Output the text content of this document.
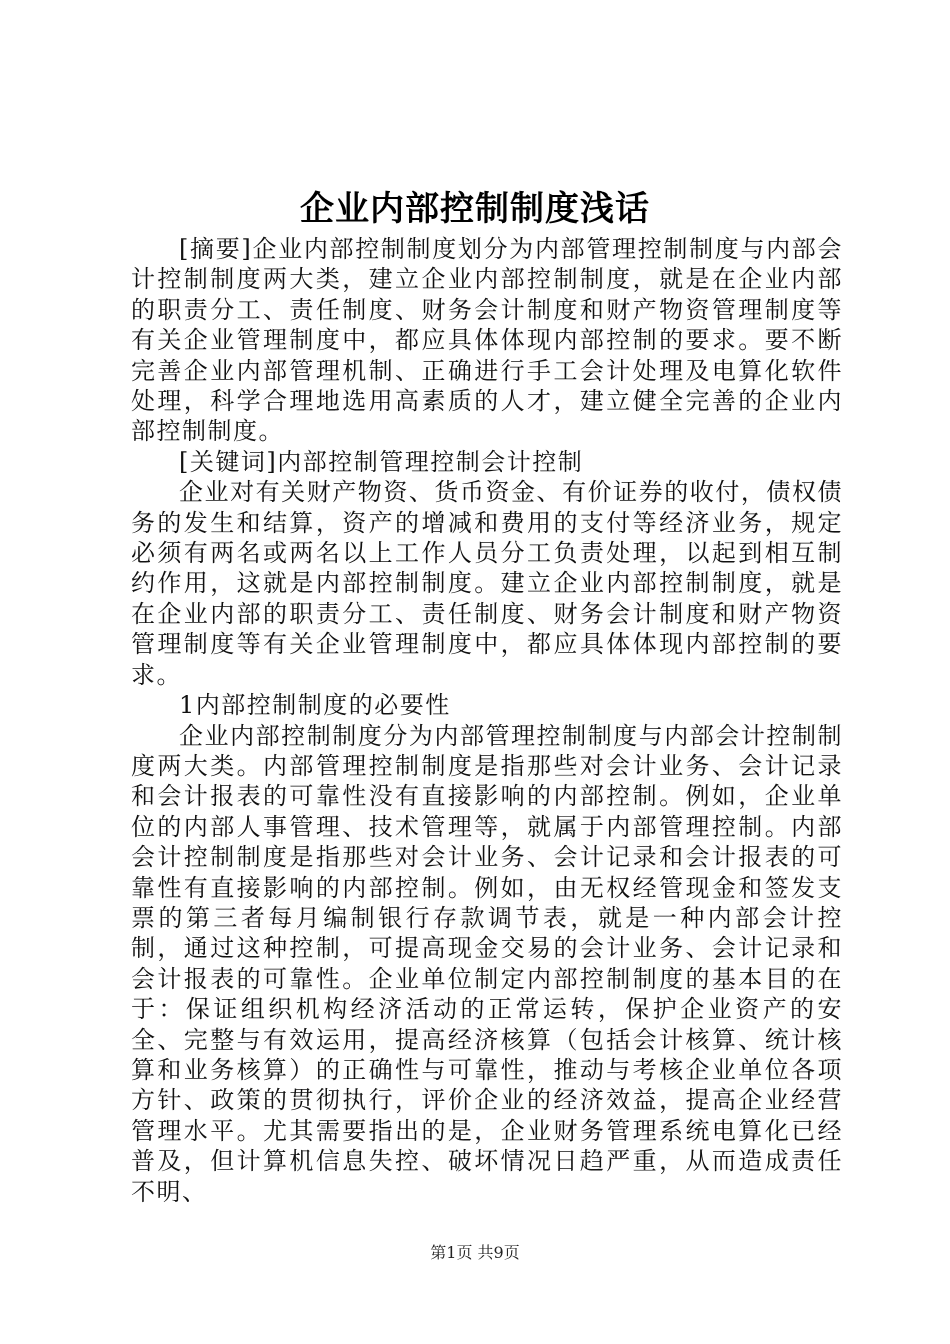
企业内部控制制度浅话

[摘要]企业内部控制制度划分为内部管理控制制度与内部会计控制制度两大类，建立企业内部控制制度，就是在企业内部的职责分工、责任制度、财务会计制度和财产物资管理制度等有关企业管理制度中，都应具体体现内部控制的要求。要不断完善企业内部管理机制、正确进行手工会计处理及电算化软件处理，科学合理地选用高素质的人才，建立健全完善的企业内部控制制度。

[关键词]内部控制管理控制会计控制

企业对有关财产物资、货币资金、有价证券的收付，债权债务的发生和结算，资产的增减和费用的支付等经济业务，规定必须有两名或两名以上工作人员分工负责处理，以起到相互制约作用，这就是内部控制制度。建立企业内部控制制度，就是在企业内部的职责分工、责任制度、财务会计制度和财产物资管理制度等有关企业管理制度中，都应具体体现内部控制的要求。

1内部控制制度的必要性

企业内部控制制度分为内部管理控制制度与内部会计控制制度两大类。内部管理控制制度是指那些对会计业务、会计记录和会计报表的可靠性没有直接影响的内部控制。例如，企业单位的内部人事管理、技术管理等，就属于内部管理控制。内部会计控制制度是指那些对会计业务、会计记录和会计报表的可靠性有直接影响的内部控制。例如，由无权经管现金和签发支票的第三者每月编制银行存款调节表，就是一种内部会计控制，通过这种控制，可提高现金交易的会计业务、会计记录和会计报表的可靠性。企业单位制定内部控制制度的基本目的在于：保证组织机构经济活动的正常运转，保护企业资产的安全、完整与有效运用，提高经济核算（包括会计核算、统计核算和业务核算）的正确性与可靠性，推动与考核企业单位各项方针、政策的贯彻执行，评价企业的经济效益，提高企业经营管理水平。尤其需要指出的是，企业财务管理系统电算化已经普及，但计算机信息失控、破坏情况日趋严重，从而造成责任不明、

第1页 共9页
